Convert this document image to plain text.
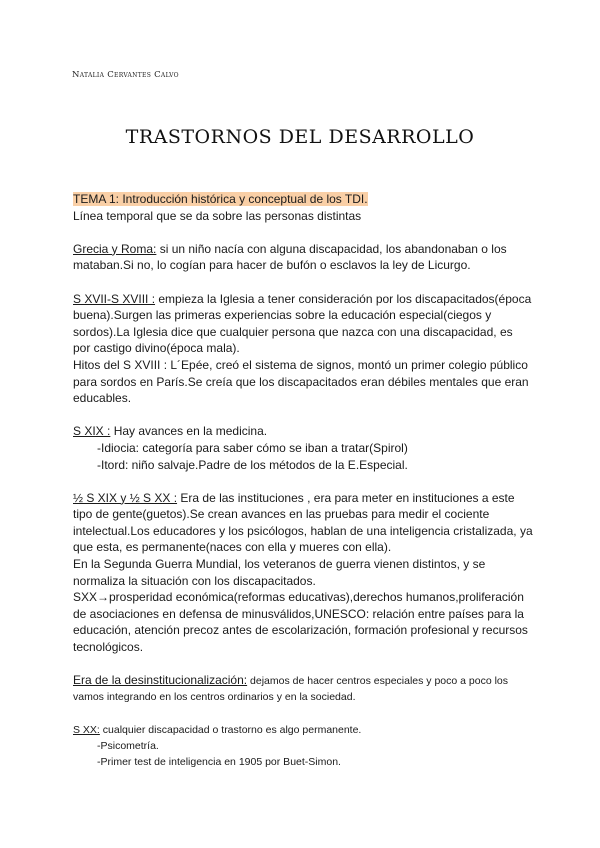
Natalia Cervantes Calvo
TRASTORNOS DEL DESARROLLO

TEMA 1: Introducción histórica y conceptual de los TDI.

Línea temporal que se da sobre las personas distintas

Grecia y Roma: si un niño nacía con alguna discapacidad, los abandonaban o los mataban.Si no, lo cogían para hacer de bufón o esclavos la ley de Licurgo.

S XVII-S XVIII : empieza la Iglesia a tener consideración por los discapacitados(época buena).Surgen las primeras experiencias sobre la educación especial(ciegos y sordos).La Iglesia dice que cualquier persona que nazca con una discapacidad, es por castigo divino(época mala).

Hitos del S XVIII : L´Epée, creó el sistema de signos, montó un primer colegio público para sordos en París.Se creía que los discapacitados eran débiles mentales que eran educables.

S XIX : Hay avances en la medicina.

-Idiocia: categoría para saber cómo se iban a tratar(Spirol)

-Itord: niño salvaje.Padre de los métodos de la E.Especial.

½ S XIX y ½ S XX : Era de las instituciones , era para meter en instituciones a este tipo de gente(guetos).Se crean avances en las pruebas para medir el cociente intelectual.Los educadores y los psicólogos, hablan de una inteligencia cristalizada, ya que esta, es permanente(naces con ella y mueres con ella).

En la Segunda Guerra Mundial, los veteranos de guerra vienen distintos, y se normaliza la situación con los discapacitados.

SXX→prosperidad económica(reformas educativas),derechos humanos,proliferación de asociaciones en defensa de minusválidos,UNESCO: relación entre países para la educación, atención precoz antes de escolarización, formación profesional y recursos tecnológicos.

Era de la desinstitucionalización: dejamos de hacer centros especiales y poco a poco los vamos integrando en los centros ordinarios y en la sociedad.

S XX: cualquier discapacidad o trastorno es algo permanente.

-Psicometría.

-Primer test de inteligencia en 1905 por Buet-Simon.
